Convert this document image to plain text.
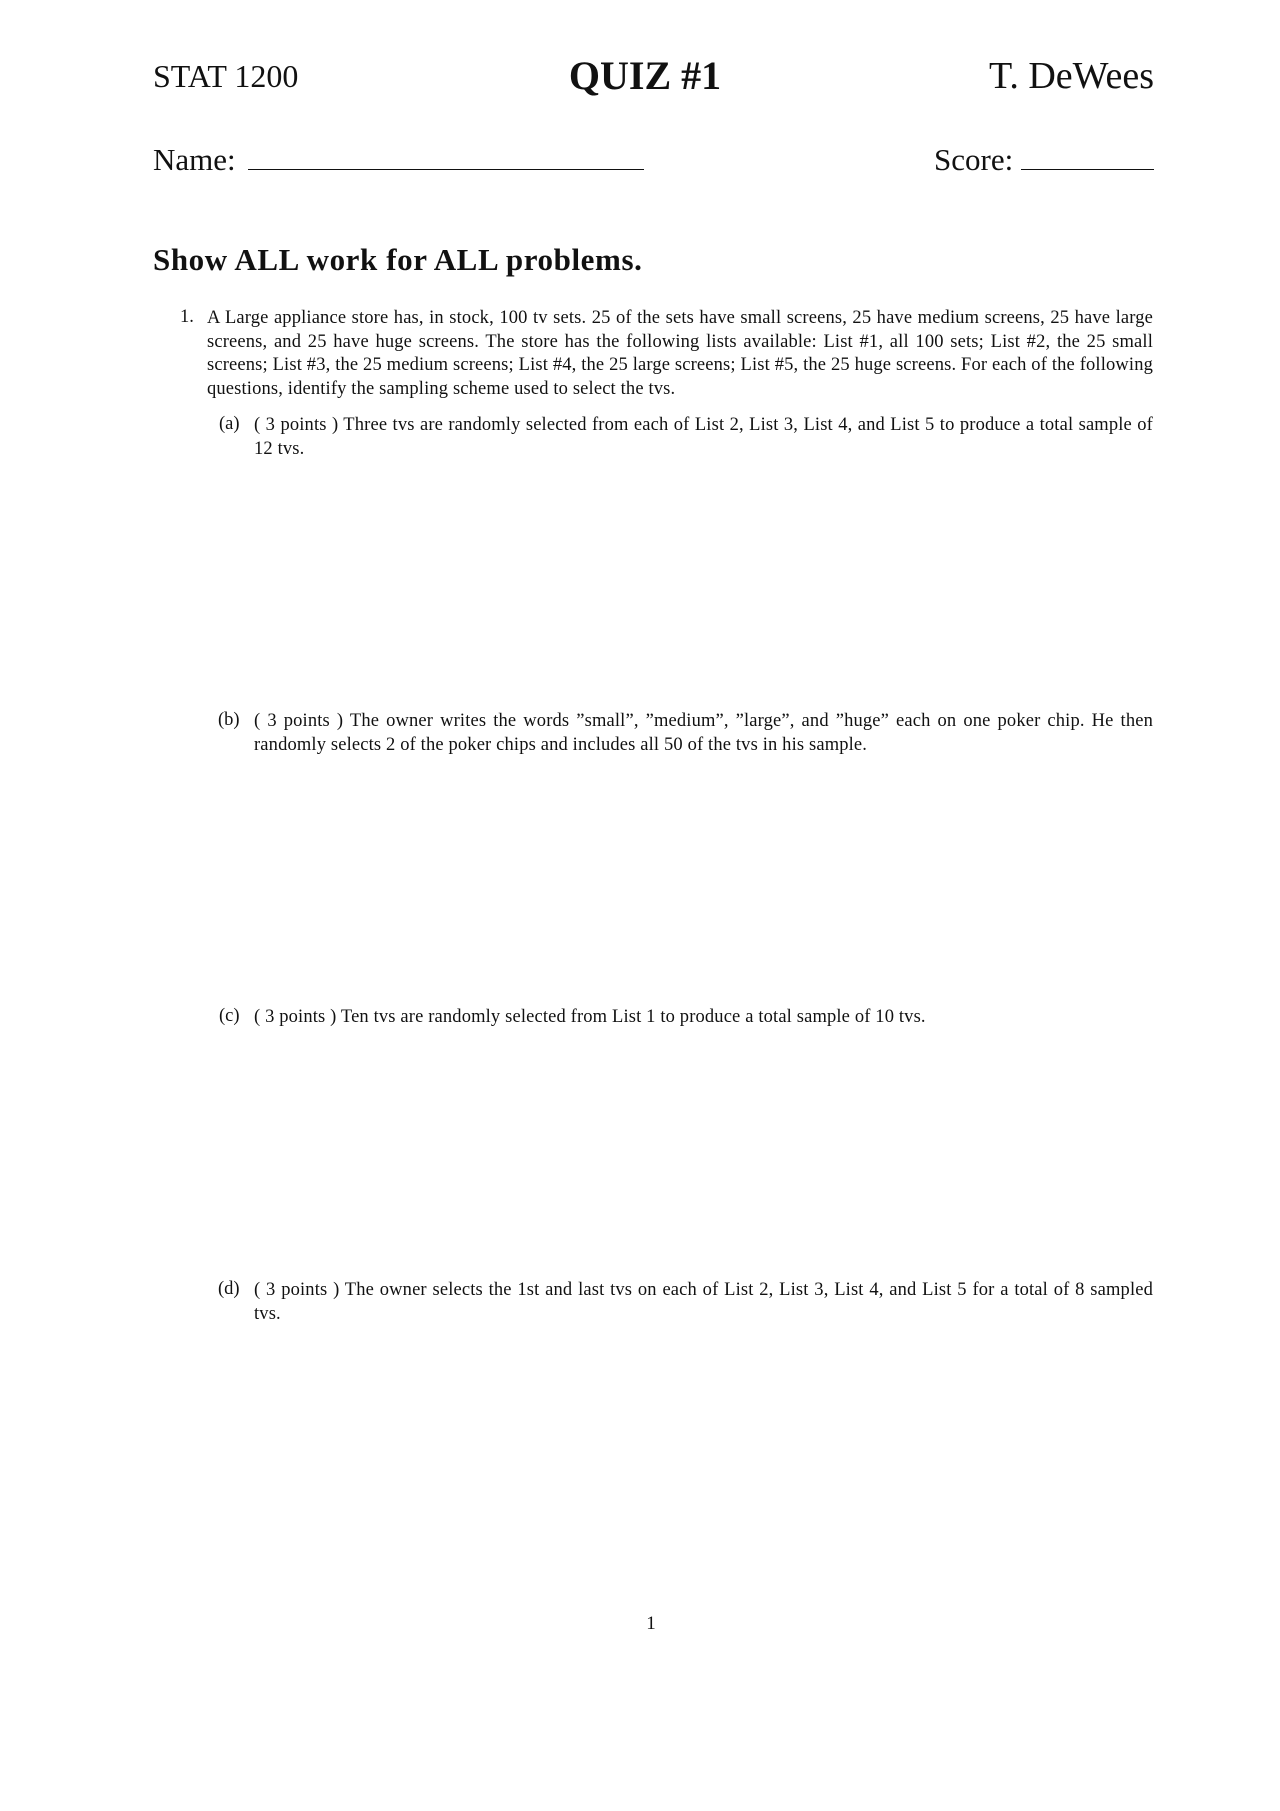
STAT 1200	QUIZ #1	T. DeWees
Name:	Score:
Show ALL work for ALL problems.
1. A Large appliance store has, in stock, 100 tv sets. 25 of the sets have small screens, 25 have medium screens, 25 have large screens, and 25 have huge screens. The store has the following lists available: List #1, all 100 sets; List #2, the 25 small screens; List #3, the 25 medium screens; List #4, the 25 large screens; List #5, the 25 huge screens. For each of the following questions, identify the sampling scheme used to select the tvs.
(a) ( 3 points ) Three tvs are randomly selected from each of List 2, List 3, List 4, and List 5 to produce a total sample of 12 tvs.
(b) ( 3 points ) The owner writes the words ”small”, ”medium”, ”large”, and ”huge” each on one poker chip. He then randomly selects 2 of the poker chips and includes all 50 of the tvs in his sample.
(c) ( 3 points ) Ten tvs are randomly selected from List 1 to produce a total sample of 10 tvs.
(d) ( 3 points ) The owner selects the 1st and last tvs on each of List 2, List 3, List 4, and List 5 for a total of 8 sampled tvs.
1
